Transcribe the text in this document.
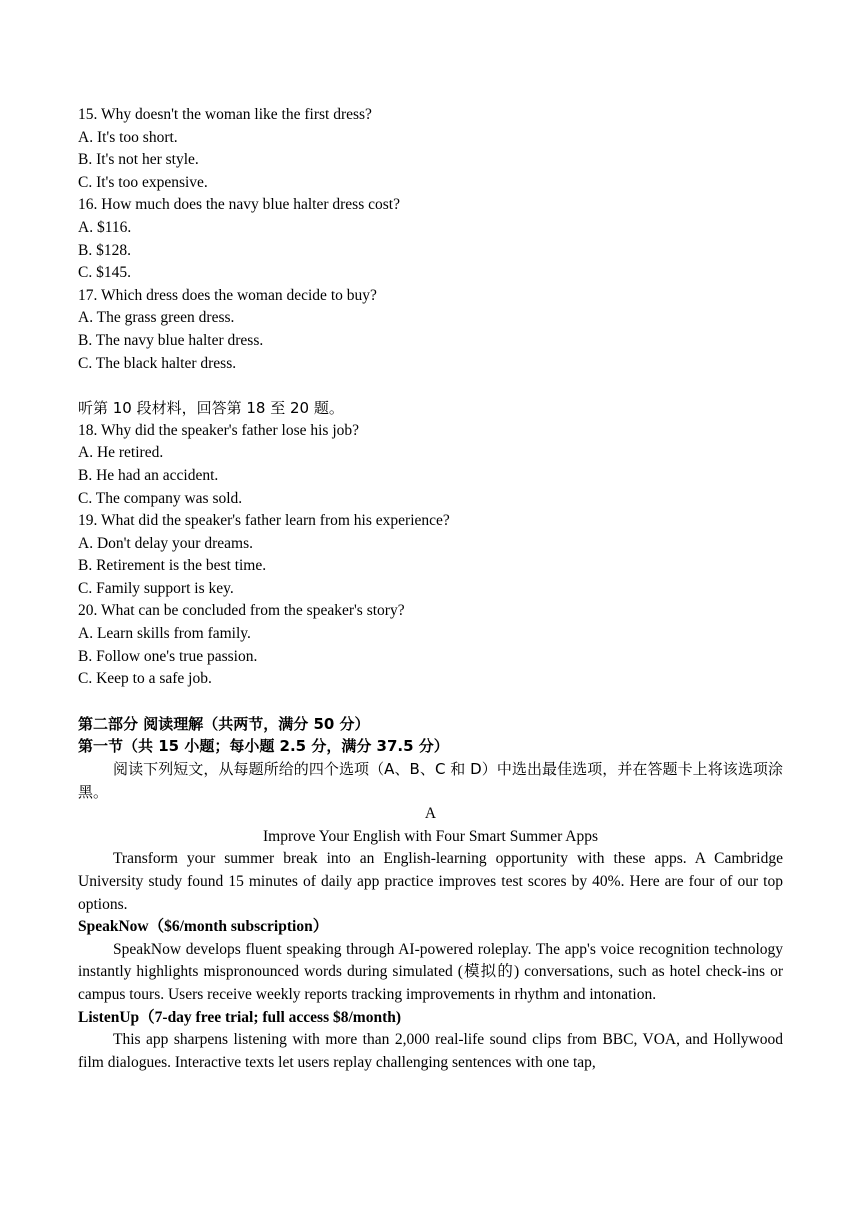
15. Why doesn't the woman like the first dress?
A. It's too short.
B. It's not her style.
C. It's too expensive.
16. How much does the navy blue halter dress cost?
A. $116.
B. $128.
C. $145.
17. Which dress does the woman decide to buy?
A. The grass green dress.
B. The navy blue halter dress.
C. The black halter dress.
听第 10 段材料，回答第 18 至 20 题。
18. Why did the speaker's father lose his job?
A. He retired.
B. He had an accident.
C. The company was sold.
19. What did the speaker's father learn from his experience?
A. Don't delay your dreams.
B. Retirement is the best time.
C. Family support is key.
20. What can be concluded from the speaker's story?
A. Learn skills from family.
B. Follow one's true passion.
C. Keep to a safe job.
第二部分 阅读理解（共两节，满分 50 分）
第一节（共 15 小题；每小题 2.5 分，满分 37.5 分）
阅读下列短文，从每题所给的四个选项（A、B、C 和 D）中选出最佳选项，并在答题卡上将该选项涂黑。
A
Improve Your English with Four Smart Summer Apps
Transform your summer break into an English-learning opportunity with these apps. A Cambridge University study found 15 minutes of daily app practice improves test scores by 40%. Here are four of our top options.
SpeakNow（$6/month subscription）
SpeakNow develops fluent speaking through AI-powered roleplay. The app's voice recognition technology instantly highlights mispronounced words during simulated (模拟的) conversations, such as hotel check-ins or campus tours. Users receive weekly reports tracking improvements in rhythm and intonation.
ListenUp（7-day free trial; full access $8/month)
This app sharpens listening with more than 2,000 real-life sound clips from BBC, VOA, and Hollywood film dialogues. Interactive texts let users replay challenging sentences with one tap,
